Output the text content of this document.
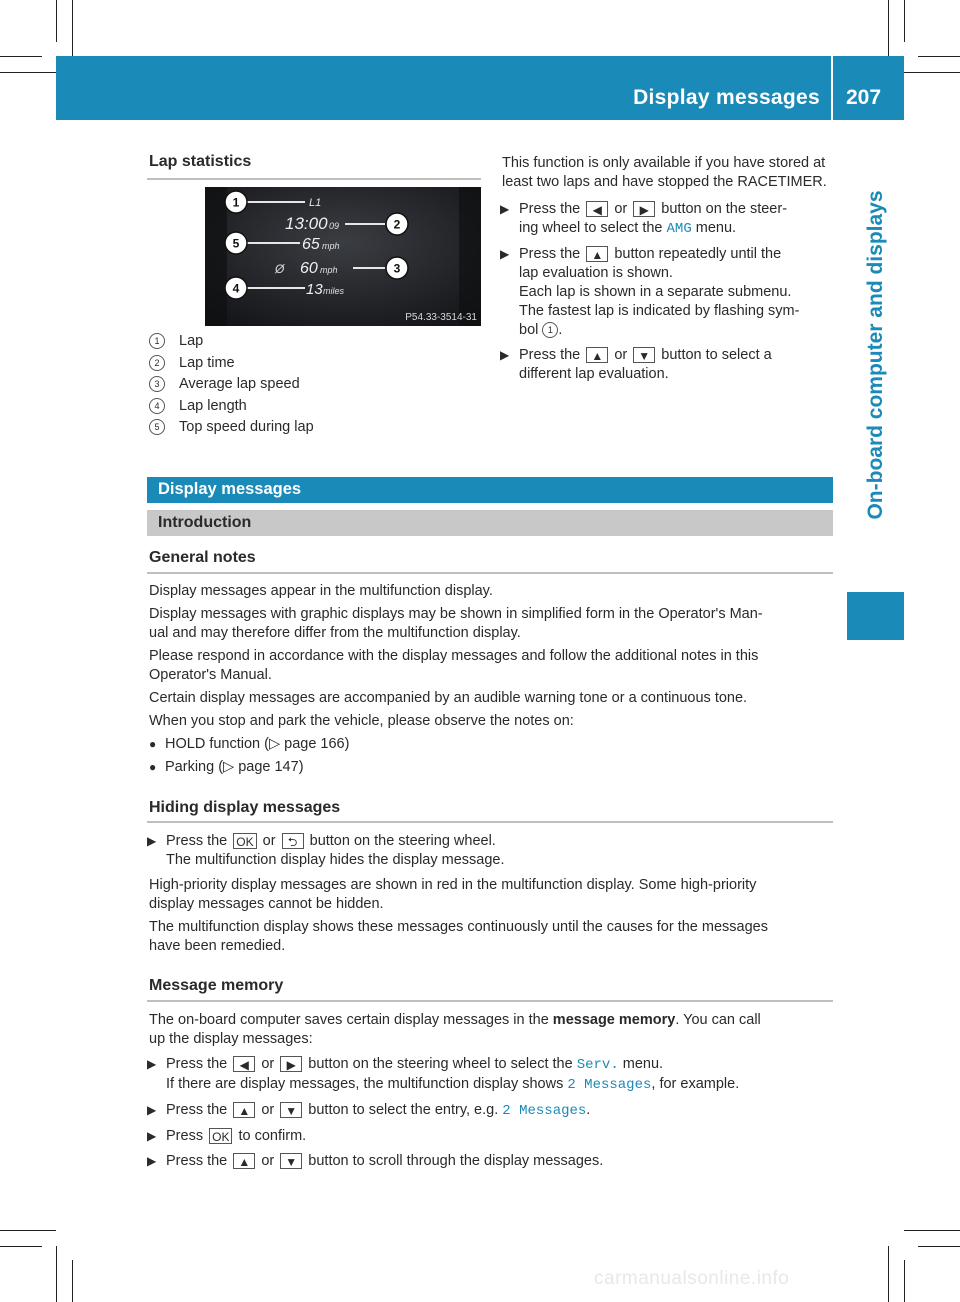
Display messages 207
On-board computer and displays
Lap statistics
L1
13:00 09
65 mph
Ø 60 mph
13 miles
1
2
3
4
5
P54.33-3514-31
1 Lap
2 Lap time
3 Average lap speed
4 Lap length
5 Top speed during lap
This function is only available if you have stored at least two laps and have stopped the RACETIMER.
▶ Press the ◀ or ▶ button on the steer-
ing wheel to select the AMG menu.
▶ Press the ▲ button repeatedly until the
lap evaluation is shown.
Each lap is shown in a separate submenu.
The fastest lap is indicated by flashing sym-
bol 1 .
▶ Press the ▲ or ▼ button to select a
different lap evaluation.
Display messages
Introduction
General notes
Display messages appear in the multifunction display.
Display messages with graphic displays may be shown in simplified form in the Operator's Man-
ual and may therefore differ from the multifunction display.
Please respond in accordance with the display messages and follow the additional notes in this
Operator's Manual.
Certain display messages are accompanied by an audible warning tone or a continuous tone.
When you stop and park the vehicle, please observe the notes on:
● HOLD function (▷ page 166)
● Parking (▷ page 147)
Hiding display messages
▶ Press the OK or ⮌ button on the steering wheel.
The multifunction display hides the display message.
High-priority display messages are shown in red in the multifunction display. Some high-priority
display messages cannot be hidden.
The multifunction display shows these messages continuously until the causes for the messages
have been remedied.
Message memory
The on-board computer saves certain display messages in the message memory. You can call
up the display messages:
▶ Press the ◀ or ▶ button on the steering wheel to select the Serv. menu.
If there are display messages, the multifunction display shows 2 Messages, for example.
▶ Press the ▲ or ▼ button to select the entry, e.g. 2 Messages.
▶ Press OK to confirm.
▶ Press the ▲ or ▼ button to scroll through the display messages.
carmanualsonline.info
